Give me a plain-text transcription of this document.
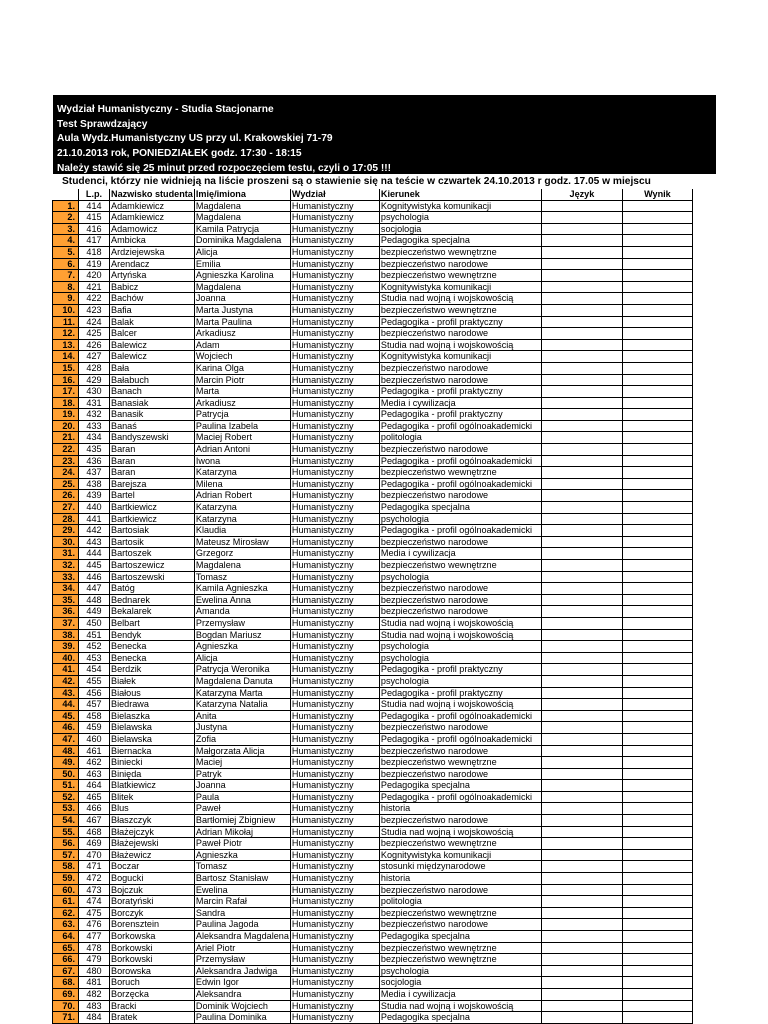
Wydział Humanistyczny - Studia Stacjonarne
Test Sprawdzający
Aula Wydz.Humanistyczny US przy ul. Krakowskiej 71-79
21.10.2013 rok, PONIEDZIAŁEK godz. 17:30 - 18:15
Należy stawić się 25 minut przed rozpoczęciem testu, czyli o 17:05 !!!
Studenci, którzy nie widnieją na liście proszeni są o stawienie się na teście w czwartek 24.10.2013 r godz. 17.05 w miejscu
	L.p.	Nazwisko studenta	Imię/imiona	Wydział	Kierunek	Język	Wynik
1.	414	Adamkiewicz	Magdalena	Humanistyczny	Kognitywistyka komunikacji		
2.	415	Adamkiewicz	Magdalena	Humanistyczny	psychologia		
3.	416	Adamowicz	Kamila Patrycja	Humanistyczny	socjologia		
4.	417	Ambicka	Dominika Magdalena	Humanistyczny	Pedagogika specjalna		
5.	418	Ardziejewska	Alicja	Humanistyczny	bezpieczeństwo wewnętrzne		
6.	419	Arendacz	Emilia	Humanistyczny	bezpieczeństwo narodowe		
7.	420	Artyńska	Agnieszka Karolina	Humanistyczny	bezpieczeństwo wewnętrzne		
8.	421	Babicz	Magdalena	Humanistyczny	Kognitywistyka komunikacji		
9.	422	Bachów	Joanna	Humanistyczny	Studia nad wojną i wojskowością		
10.	423	Bafia	Marta Justyna	Humanistyczny	bezpieczeństwo wewnętrzne		
11.	424	Balak	Marta Paulina	Humanistyczny	Pedagogika - profil praktyczny		
12.	425	Balcer	Arkadiusz	Humanistyczny	bezpieczeństwo narodowe		
13.	426	Balewicz	Adam	Humanistyczny	Studia nad wojną i wojskowością		
14.	427	Balewicz	Wojciech	Humanistyczny	Kognitywistyka komunikacji		
15.	428	Bała	Karina Olga	Humanistyczny	bezpieczeństwo narodowe		
16.	429	Bałabuch	Marcin Piotr	Humanistyczny	bezpieczeństwo narodowe		
17.	430	Banach	Marta	Humanistyczny	Pedagogika - profil praktyczny		
18.	431	Banasiak	Arkadiusz	Humanistyczny	Media i cywilizacja		
19.	432	Banasik	Patrycja	Humanistyczny	Pedagogika - profil praktyczny		
20.	433	Banaś	Paulina Izabela	Humanistyczny	Pedagogika - profil ogólnoakademicki		
21.	434	Bandyszewski	Maciej Robert	Humanistyczny	politologia		
22.	435	Baran	Adrian Antoni	Humanistyczny	bezpieczeństwo narodowe		
23.	436	Baran	Iwona	Humanistyczny	Pedagogika - profil ogólnoakademicki		
24.	437	Baran	Katarzyna	Humanistyczny	bezpieczeństwo wewnętrzne		
25.	438	Barejsza	Milena	Humanistyczny	Pedagogika - profil ogólnoakademicki		
26.	439	Bartel	Adrian Robert	Humanistyczny	bezpieczeństwo narodowe		
27.	440	Bartkiewicz	Katarzyna	Humanistyczny	Pedagogika specjalna		
28.	441	Bartkiewicz	Katarzyna	Humanistyczny	psychologia		
29.	442	Bartosiak	Klaudia	Humanistyczny	Pedagogika - profil ogólnoakademicki		
30.	443	Bartosik	Mateusz Mirosław	Humanistyczny	bezpieczeństwo narodowe		
31.	444	Bartoszek	Grzegorz	Humanistyczny	Media i cywilizacja		
32.	445	Bartoszewicz	Magdalena	Humanistyczny	bezpieczeństwo wewnętrzne		
33.	446	Bartoszewski	Tomasz	Humanistyczny	psychologia		
34.	447	Batóg	Kamila Agnieszka	Humanistyczny	bezpieczeństwo narodowe		
35.	448	Bednarek	Ewelina Anna	Humanistyczny	bezpieczeństwo narodowe		
36.	449	Bekalarek	Amanda	Humanistyczny	bezpieczeństwo narodowe		
37.	450	Belbart	Przemysław	Humanistyczny	Studia nad wojną i wojskowością		
38.	451	Bendyk	Bogdan Mariusz	Humanistyczny	Studia nad wojną i wojskowością		
39.	452	Benecka	Agnieszka	Humanistyczny	psychologia		
40.	453	Benecka	Alicja	Humanistyczny	psychologia		
41.	454	Berdzik	Patrycja Weronika	Humanistyczny	Pedagogika - profil praktyczny		
42.	455	Białek	Magdalena Danuta	Humanistyczny	psychologia		
43.	456	Białous	Katarzyna Marta	Humanistyczny	Pedagogika - profil praktyczny		
44.	457	Biedrawa	Katarzyna Natalia	Humanistyczny	Studia nad wojną i wojskowością		
45.	458	Bielaszka	Anita	Humanistyczny	Pedagogika - profil ogólnoakademicki		
46.	459	Bielawska	Justyna	Humanistyczny	bezpieczeństwo narodowe		
47.	460	Bielawska	Zofia	Humanistyczny	Pedagogika - profil ogólnoakademicki		
48.	461	Biernacka	Małgorzata Alicja	Humanistyczny	bezpieczeństwo narodowe		
49.	462	Biniecki	Maciej	Humanistyczny	bezpieczeństwo wewnętrzne		
50.	463	Binięda	Patryk	Humanistyczny	bezpieczeństwo narodowe		
51.	464	Blatkiewicz	Joanna	Humanistyczny	Pedagogika specjalna		
52.	465	Blitek	Paula	Humanistyczny	Pedagogika - profil ogólnoakademicki		
53.	466	Blus	Paweł	Humanistyczny	historia		
54.	467	Błaszczyk	Bartłomiej Zbigniew	Humanistyczny	bezpieczeństwo narodowe		
55.	468	Błażejczyk	Adrian Mikołaj	Humanistyczny	Studia nad wojną i wojskowością		
56.	469	Błażejewski	Paweł Piotr	Humanistyczny	bezpieczeństwo wewnętrzne		
57.	470	Błażewicz	Agnieszka	Humanistyczny	Kognitywistyka komunikacji		
58.	471	Boczar	Tomasz	Humanistyczny	stosunki międzynarodowe		
59.	472	Bogucki	Bartosz Stanisław	Humanistyczny	historia		
60.	473	Bojczuk	Ewelina	Humanistyczny	bezpieczeństwo narodowe		
61.	474	Boratyński	Marcin Rafał	Humanistyczny	politologia		
62.	475	Borczyk	Sandra	Humanistyczny	bezpieczeństwo wewnętrzne		
63.	476	Borensztein	Paulina Jagoda	Humanistyczny	bezpieczeństwo narodowe		
64.	477	Borkowska	Aleksandra Magdalena	Humanistyczny	Pedagogika specjalna		
65.	478	Borkowski	Ariel Piotr	Humanistyczny	bezpieczeństwo wewnętrzne		
66.	479	Borkowski	Przemysław	Humanistyczny	bezpieczeństwo wewnętrzne		
67.	480	Borowska	Aleksandra Jadwiga	Humanistyczny	psychologia		
68.	481	Boruch	Edwin Igor	Humanistyczny	socjologia		
69.	482	Borzęcka	Aleksandra	Humanistyczny	Media i cywilizacja		
70.	483	Bracki	Dominik Wojciech	Humanistyczny	Studia nad wojną i wojskowością		
71.	484	Bratek	Paulina Dominika	Humanistyczny	Pedagogika specjalna		
